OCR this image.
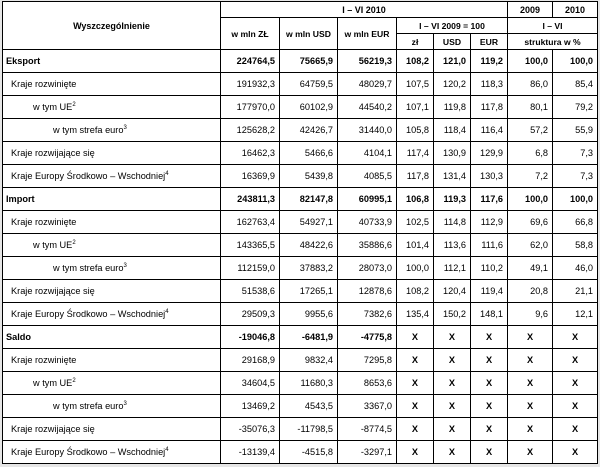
Wyszczególnienie	I – VI 2010						2009	2010
	w mln ZŁ	w mln USD	w mln EUR	I – VI 2009 = 100			I – VI	
				zł	USD	EUR	struktura w %	
Eksport	224764,5	75665,9	56219,3	108,2	121,0	119,2	100,0	100,0
Kraje rozwinięte	191932,3	64759,5	48029,7	107,5	120,2	118,3	86,0	85,4
w tym $UE^2$	177970,0	60102,9	44540,2	107,1	119,8	117,8	80,1	79,2
w tym strefa euro$^3$	125628,2	42426,7	31440,0	105,8	118,4	116,4	57,2	55,9
Kraje rozwijające się	16462,3	5466,6	4104,1	117,4	130,9	129,9	6,8	7,3
Kraje Europy Środkowo – Wschodniej$^4$	16369,9	5439,8	4085,5	117,8	131,4	130,3	7,2	7,3
Import	243811,3	82147,8	60995,1	106,8	119,3	117,6	100,0	100,0
Kraje rozwinięte	162763,4	54927,1	40733,9	102,5	114,8	112,9	69,6	66,8
w tym $UE^2$	143365,5	48422,6	35886,6	101,4	113,6	111,6	62,0	58,8
w tym strefa euro$^3$	112159,0	37883,2	28073,0	100,0	112,1	110,2	49,1	46,0
Kraje rozwijające się	51538,6	17265,1	12878,6	108,2	120,4	119,4	20,8	21,1
Kraje Europy Środkowo – Wschodniej$^4$	29509,3	9955,6	7382,6	135,4	150,2	148,1	9,6	12,1
Saldo	-19046,8	-6481,9	-4775,8	X	X	X	X	X
Kraje rozwinięte	29168,9	9832,4	7295,8	X	X	X	X	X
w tym $UE^2$	34604,5	11680,3	8653,6	X	X	X	X	X
w tym strefa euro$^3$	13469,2	4543,5	3367,0	X	X	X	X	X
Kraje rozwijające się	-35076,3	-11798,5	-8774,5	X	X	X	X	X
Kraje Europy Środkowo – Wschodniej$^4$	-13139,4	-4515,8	-3297,1	X	X	X	X	X
